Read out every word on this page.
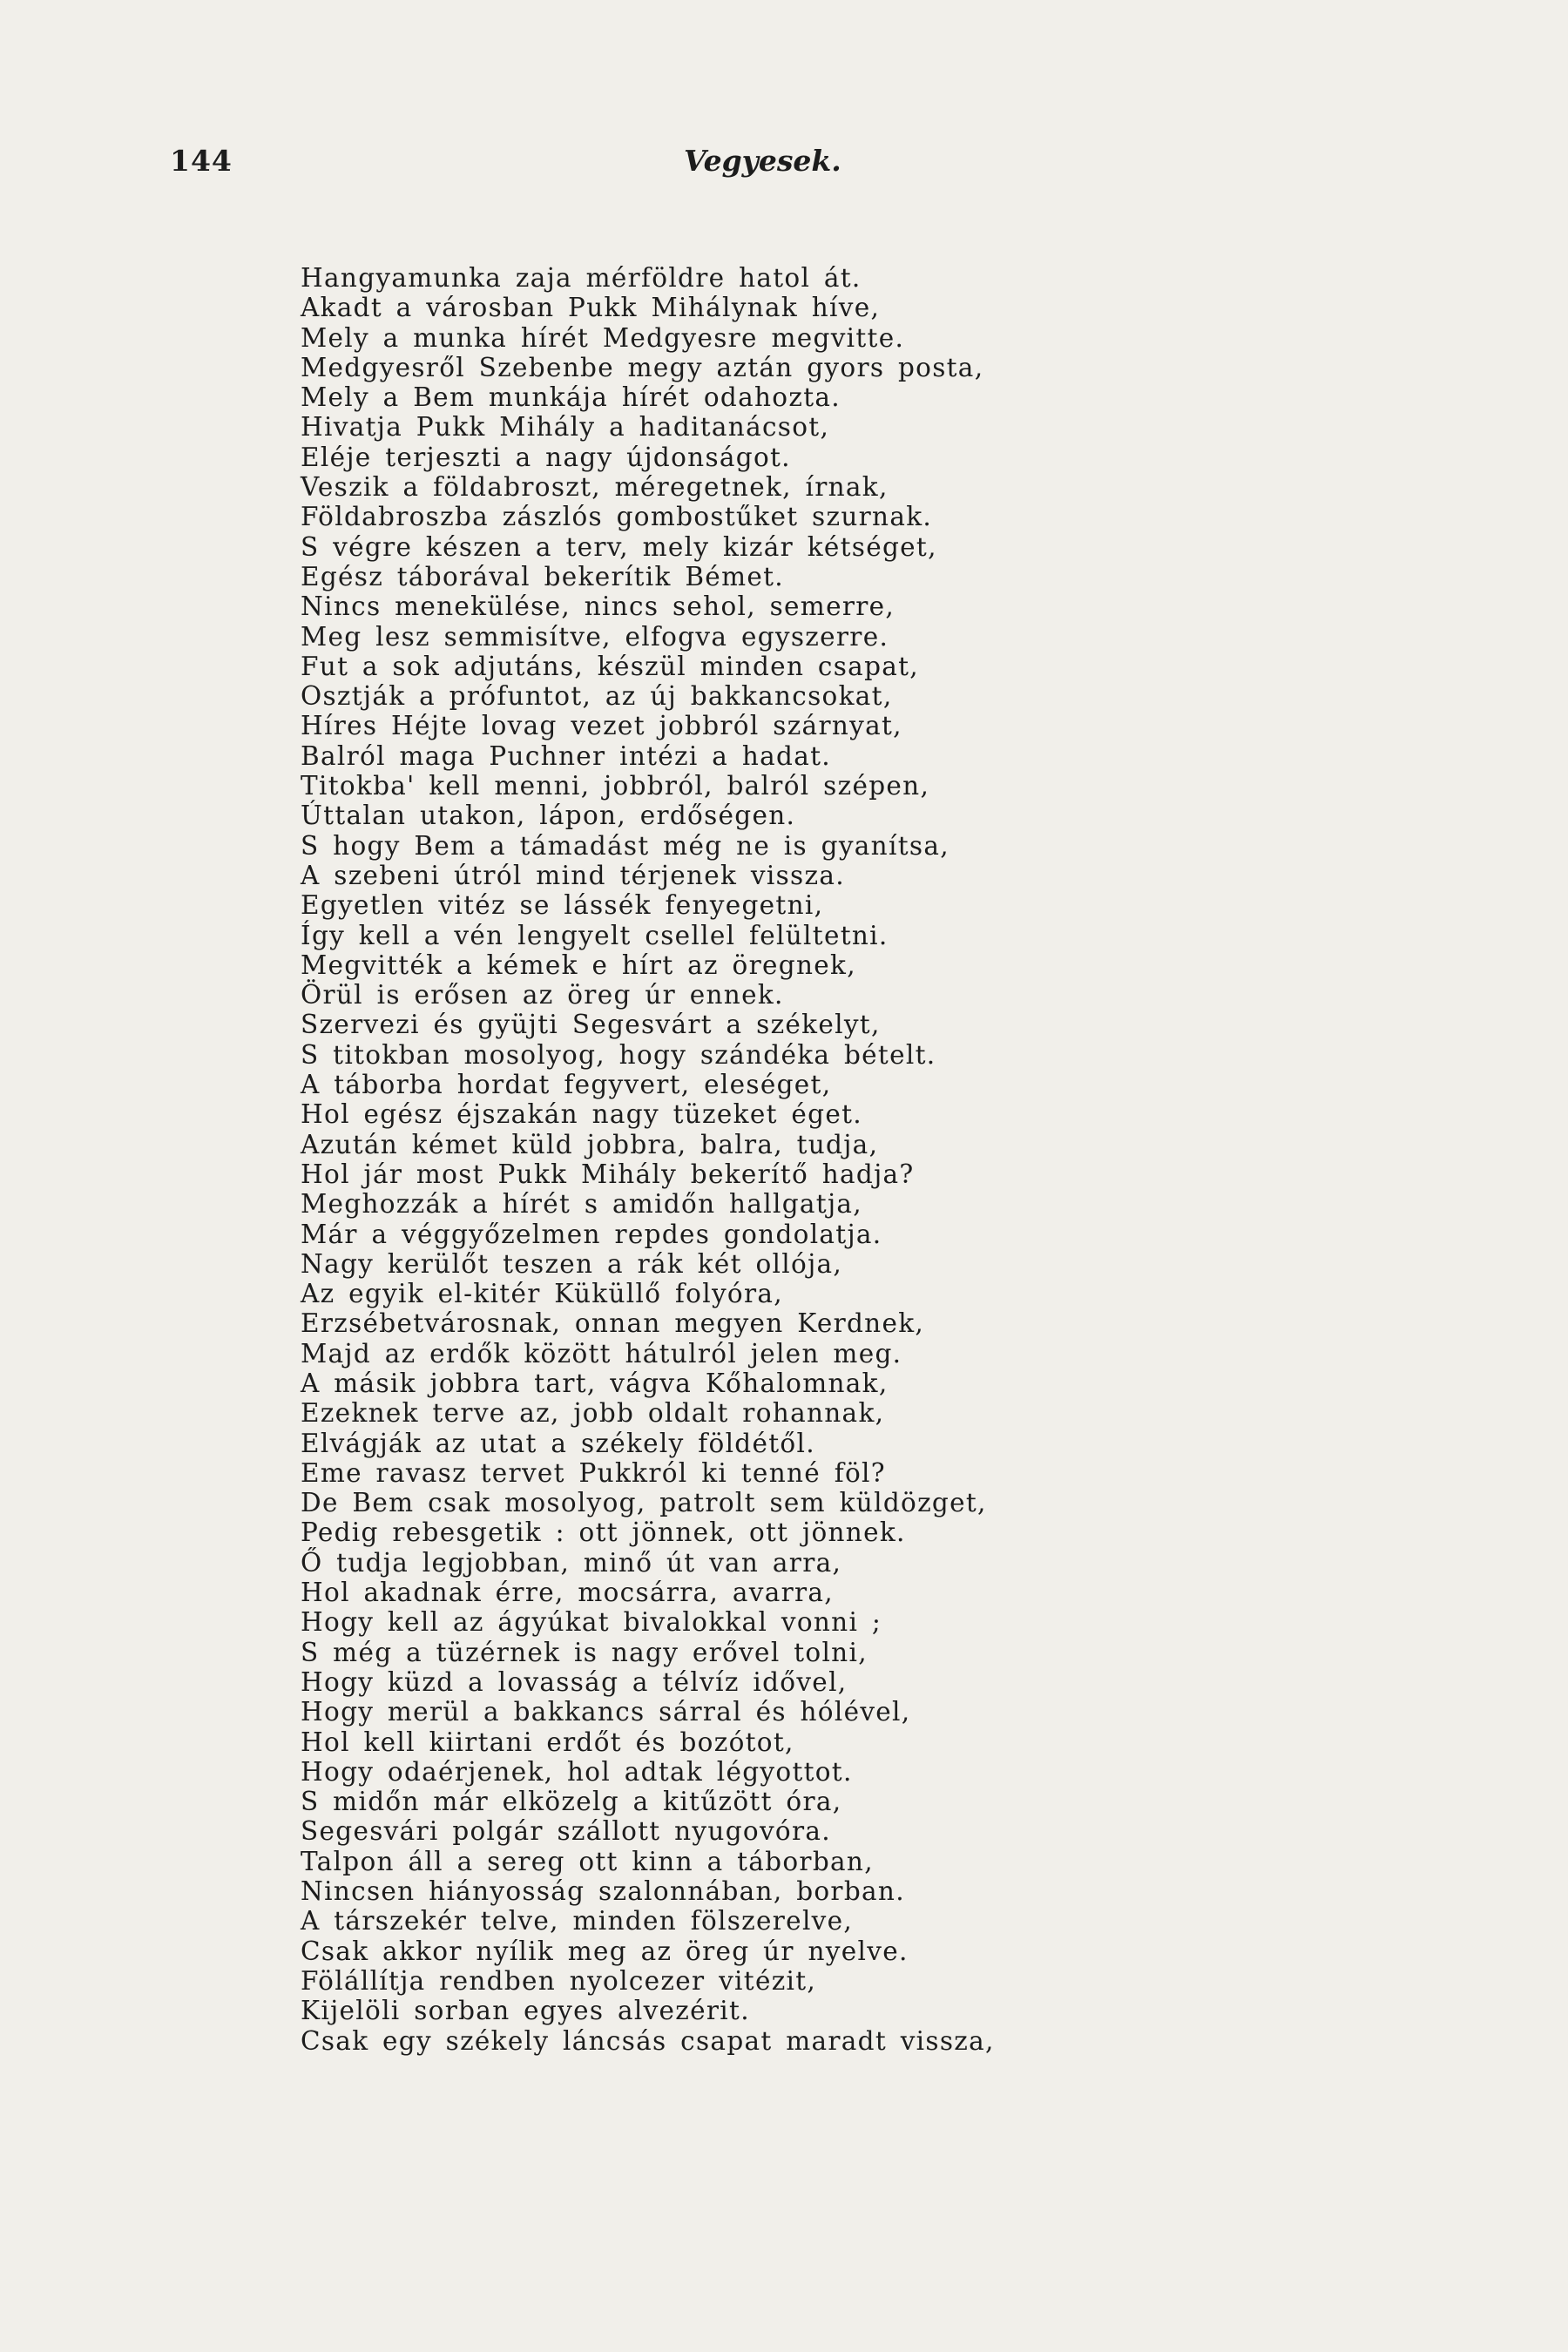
144	Vegyesek.
Hangyamunka zaja mérföldre hatol át.
Akadt a városban Pukk Mihálynak híve,
Mely a munka hírét Medgyesre megvitte.
Medgyesről Szebenbe megy aztán gyors posta,
Mely a Bem munkája hírét odahozta.
Hivatja Pukk Mihály a haditanácsot,
Eléje terjeszti a nagy újdonságot.
Veszik a földabroszt, méregetnek, írnak,
Földabroszba zászlós gombostűket szurnak.
S végre készen a terv, mely kizár kétséget,
Egész táborával bekerítik Bémet.
Nincs menekülése, nincs sehol, semerre,
Meg lesz semmisítve, elfogva egyszerre.
Fut a sok adjutáns, készül minden csapat,
Osztják a prófuntot, az új bakkancsokat,
Híres Héjte lovag vezet jobbról szárnyat,
Balról maga Puchner intézi a hadat.
Titokba' kell menni, jobbról, balról szépen,
Úttalan utakon, lápon, erdőségen.
S hogy Bem a támadást még ne is gyanítsa,
A szebeni útról mind térjenek vissza.
Egyetlen vitéz se lássék fenyegetni,
Így kell a vén lengyelt csellel felültetni.
Megvitték a kémek e hírt az öregnek,
Örül is erősen az öreg úr ennek.
Szervezi és gyüjti Segesvárt a székelyt,
S titokban mosolyog, hogy szándéka bételt.
A táborba hordat fegyvert, eleséget,
Hol egész éjszakán nagy tüzeket éget.
Azután kémet küld jobbra, balra, tudja,
Hol jár most Pukk Mihály bekerítő hadja?
Meghozzák a hírét s amidőn hallgatja,
Már a véggyőzelmen repdes gondolatja.
Nagy kerülőt teszen a rák két ollója,
Az egyik el-kitér Küküllő folyóra,
Erzsébetvárosnak, onnan megyen Kerdnek,
Majd az erdők között hátulról jelen meg.
A másik jobbra tart, vágva Kőhalomnak,
Ezeknek terve az, jobb oldalt rohannak,
Elvágják az utat a székely földétől.
Eme ravasz tervet Pukkról ki tenné föl?
De Bem csak mosolyog, patrolt sem küldözget,
Pedig rebesgetik : ott jönnek, ott jönnek.
Ő tudja legjobban, minő út van arra,
Hol akadnak érre, mocsárra, avarra,
Hogy kell az ágyúkat bivalokkal vonni ;
S még a tüzérnek is nagy erővel tolni,
Hogy küzd a lovasság a télvíz idővel,
Hogy merül a bakkancs sárral és hólével,
Hol kell kiirtani erdőt és bozótot,
Hogy odaérjenek, hol adtak légyottot.
S midőn már elközelg a kitűzött óra,
Segesvári polgár szállott nyugovóra.
Talpon áll a sereg ott kinn a táborban,
Nincsen hiányosság szalonnában, borban.
A társzekér telve, minden fölszerelve,
Csak akkor nyílik meg az öreg úr nyelve.
Fölállítja rendben nyolcezer vitézit,
Kijelöli sorban egyes alvezérit.
Csak egy székely láncsás csapat maradt vissza,
